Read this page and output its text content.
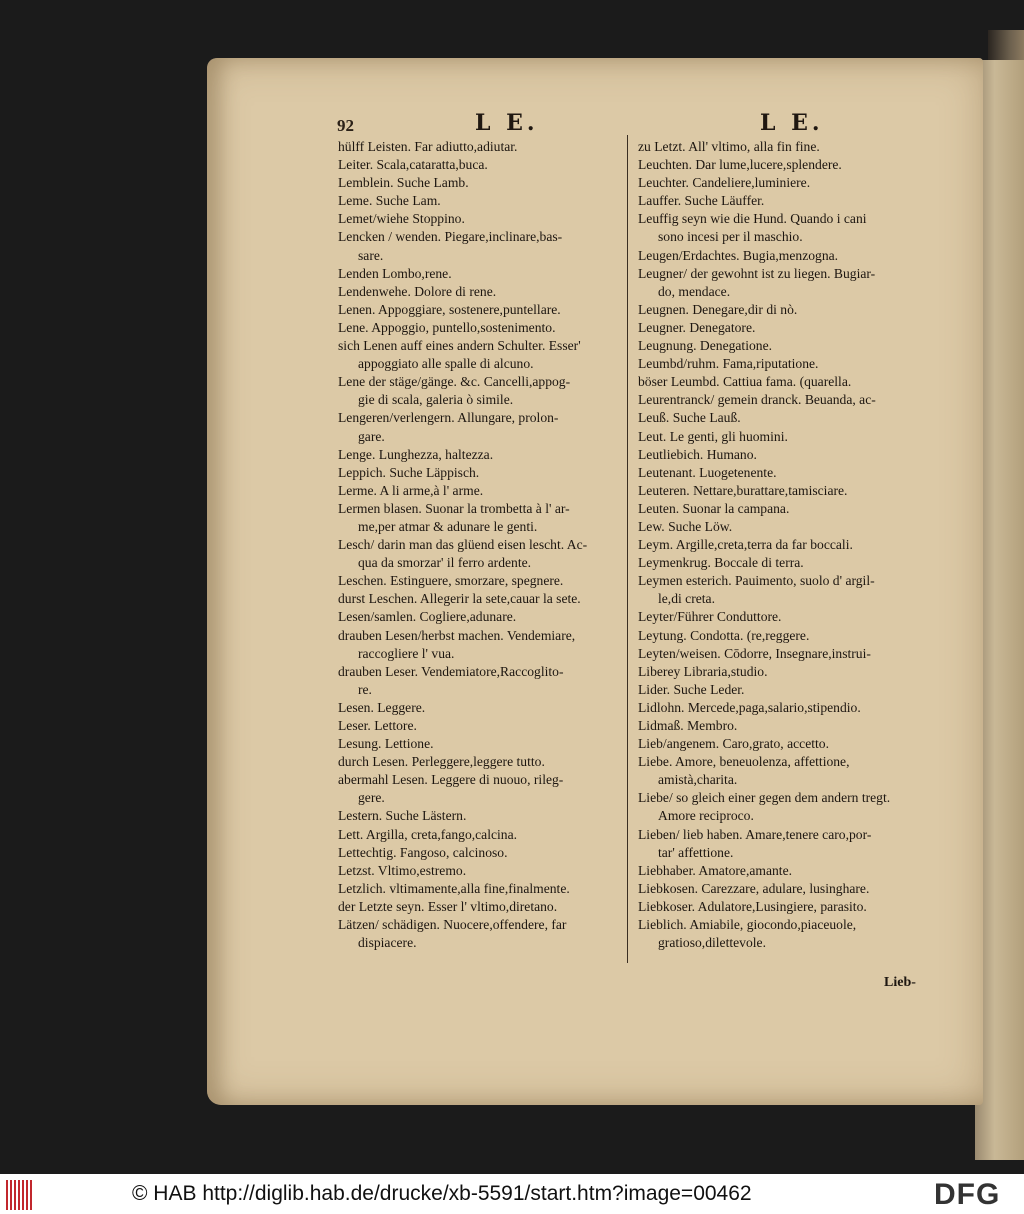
92	L E.	L E.
hülff Leisten. Far adiutto,adiutar.
Leiter. Scala,cataratta,buca.
Lemblein. Suche Lamb.
Leme. Suche Lam.
Lemet/wiehe Stoppino.
Lencken / wenden. Piegare,inclinare,bas-
sare.
Lenden Lombo,rene.
Lendenwehe. Dolore di rene.
Lenen. Appoggiare, sostenere,puntellare.
Lene. Appoggio, puntello,sostenimento.
sich Lenen auff eines andern Schulter. Esser'
appoggiato alle spalle di alcuno.
Lene der stäge/gänge. &c. Cancelli,appog-
gie di scala, galeria ò simile.
Lengeren/verlengern. Allungare, prolon-
gare.
Lenge. Lunghezza, haltezza.
Leppich. Suche Läppisch.
Lerme. A li arme,à l' arme.
Lermen blasen. Suonar la trombetta à l' ar-
me,per atmar & adunare le genti.
Lesch/ darin man das glüend eisen lescht. Ac-
qua da smorzar' il ferro ardente.
Leschen. Estinguere, smorzare, spegnere.
durst Leschen. Allegerir la sete,cauar la sete.
Lesen/samlen. Cogliere,adunare.
drauben Lesen/herbst machen. Vendemiare,
raccogliere l' vua.
drauben Leser. Vendemiatore,Raccoglito-
re.
Lesen. Leggere.
Leser. Lettore.
Lesung. Lettione.
durch Lesen. Perleggere,leggere tutto.
abermahl Lesen. Leggere di nuouo, rileg-
gere.
Lestern. Suche Lästern.
Lett. Argilla, creta,fango,calcina.
Lettechtig. Fangoso, calcinoso.
Letzst. Vltimo,estremo.
Letzlich. vltimamente,alla fine,finalmente.
der Letzte seyn. Esser l' vltimo,diretano.
Lätzen/ schädigen. Nuocere,offendere, far
dispiacere.
zu Letzt. All' vltimo, alla fin fine.
Leuchten. Dar lume,lucere,splendere.
Leuchter. Candeliere,luminiere.
Lauffer. Suche Läuffer.
Leuffig seyn wie die Hund. Quando i cani
sono incesi per il maschio.
Leugen/Erdachtes. Bugia,menzogna.
Leugner/ der gewohnt ist zu liegen. Bugiar-
do, mendace.
Leugnen. Denegare,dir di nò.
Leugner. Denegatore.
Leugnung. Denegatione.
Leumbd/ruhm. Fama,riputatione.
böser Leumbd. Cattiua fama. (quarella.
Leurentranck/ gemein dranck. Beuanda, ac-
Leuß. Suche Lauß.
Leut. Le genti, gli huomini.
Leutliebich. Humano.
Leutenant. Luogetenente.
Leuteren. Nettare,burattare,tamisciare.
Leuten. Suonar la campana.
Lew. Suche Löw.
Leym. Argille,creta,terra da far boccali.
Leymenkrug. Boccale di terra.
Leymen esterich. Pauimento, suolo d' argil-
le,di creta.
Leyter/Führer Conduttore.
Leytung. Condotta. (re,reggere.
Leyten/weisen. Cōdorre, Insegnare,instrui-
Liberey Libraria,studio.
Lider. Suche Leder.
Lidlohn. Mercede,paga,salario,stipendio.
Lidmaß. Membro.
Lieb/angenem. Caro,grato, accetto.
Liebe. Amore, beneuolenza, affettione,
amistà,charita.
Liebe/ so gleich einer gegen dem andern tregt.
Amore reciproco.
Lieben/ lieb haben. Amare,tenere caro,por-
tar' affettione.
Liebhaber. Amatore,amante.
Liebkosen. Carezzare, adulare, lusinghare.
Liebkoser. Adulatore,Lusingiere, parasito.
Lieblich. Amiabile, giocondo,piaceuole,
gratioso,dilettevole.
Lieb-
© HAB http://diglib.hab.de/drucke/xb-5591/start.htm?image=00462	DFG
